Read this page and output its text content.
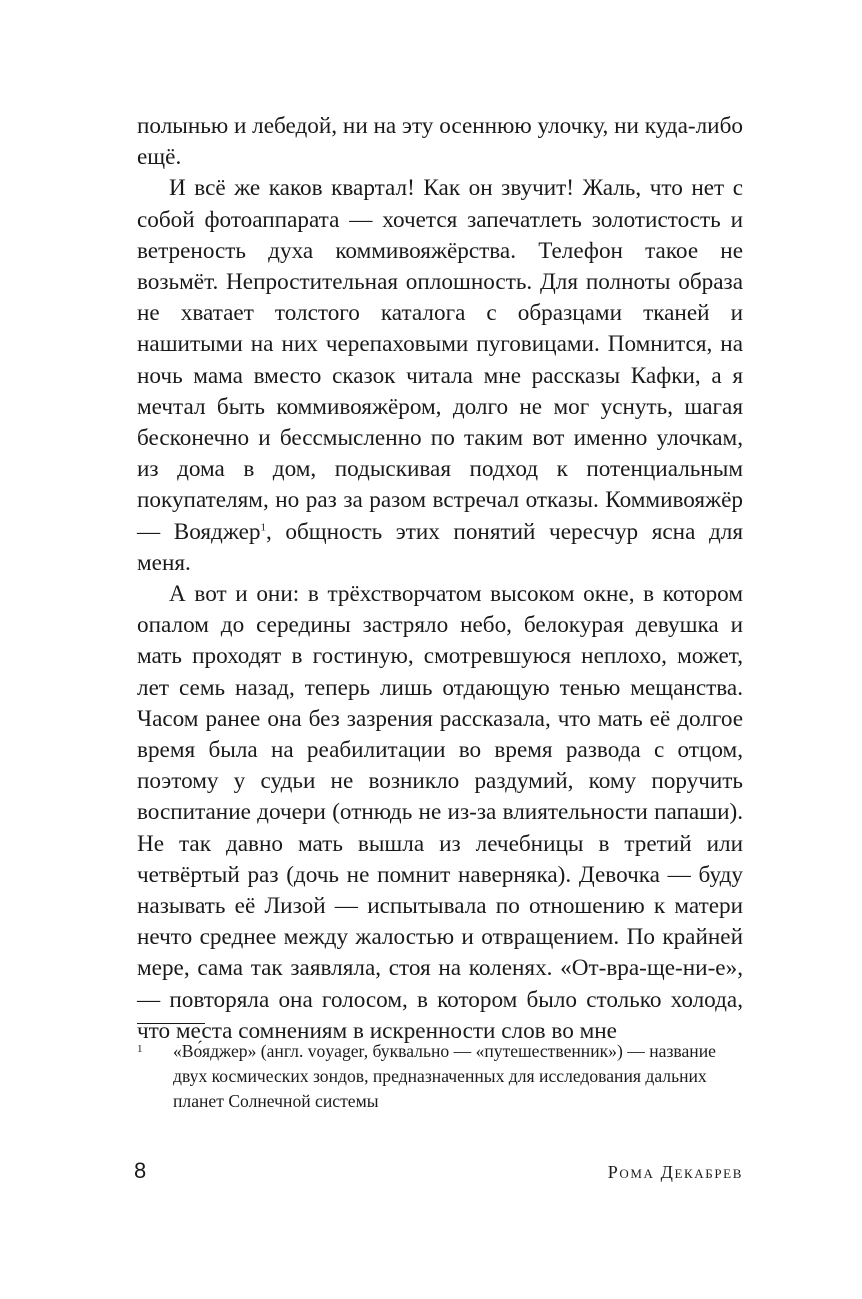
полынью и лебедой, ни на эту осеннюю улочку, ни куда-либо ещё.

И всё же каков квартал! Как он звучит! Жаль, что нет с собой фотоаппарата — хочется запечатлеть золотистость и ветреность духа коммивояжёрства. Телефон такое не возьмёт. Непростительная оплошность. Для полноты образа не хватает толстого каталога с образцами тканей и нашитыми на них черепаховыми пуговицами. Помнится, на ночь мама вместо сказок читала мне рассказы Кафки, а я мечтал быть коммивояжёром, долго не мог уснуть, шагая бесконечно и бессмысленно по таким вот именно улочкам, из дома в дом, подыскивая подход к потенциальным покупателям, но раз за разом встречал отказы. Коммивояжёр — Вояджер$^1$, общность этих понятий чересчур ясна для меня.

А вот и они: в трёхстворчатом высоком окне, в котором опалом до середины застряло небо, белокурая девушка и мать проходят в гостиную, смотревшуюся неплохо, может, лет семь назад, теперь лишь отдающую тенью мещанства. Часом ранее она без зазрения рассказала, что мать её долгое время была на реабилитации во время развода с отцом, поэтому у судьи не возникло раздумий, кому поручить воспитание дочери (отнюдь не из-за влиятельности папаши). Не так давно мать вышла из лечебницы в третий или четвёртый раз (дочь не помнит наверняка). Девочка — буду называть её Лизой — испытывала по отношению к матери нечто среднее между жалостью и отвращением. По крайней мере, сама так заявляла, стоя на коленях. «От-вра-ще-ни-е», — повторяла она голосом, в котором было столько холода, что места сомнениям в искренности слов во мне

1 «Во́яджер» (англ. voyager, буквально — «путешественник») — название двух космических зондов, предназначенных для исследования дальних планет Солнечной системы
8	Рома Декабрев
